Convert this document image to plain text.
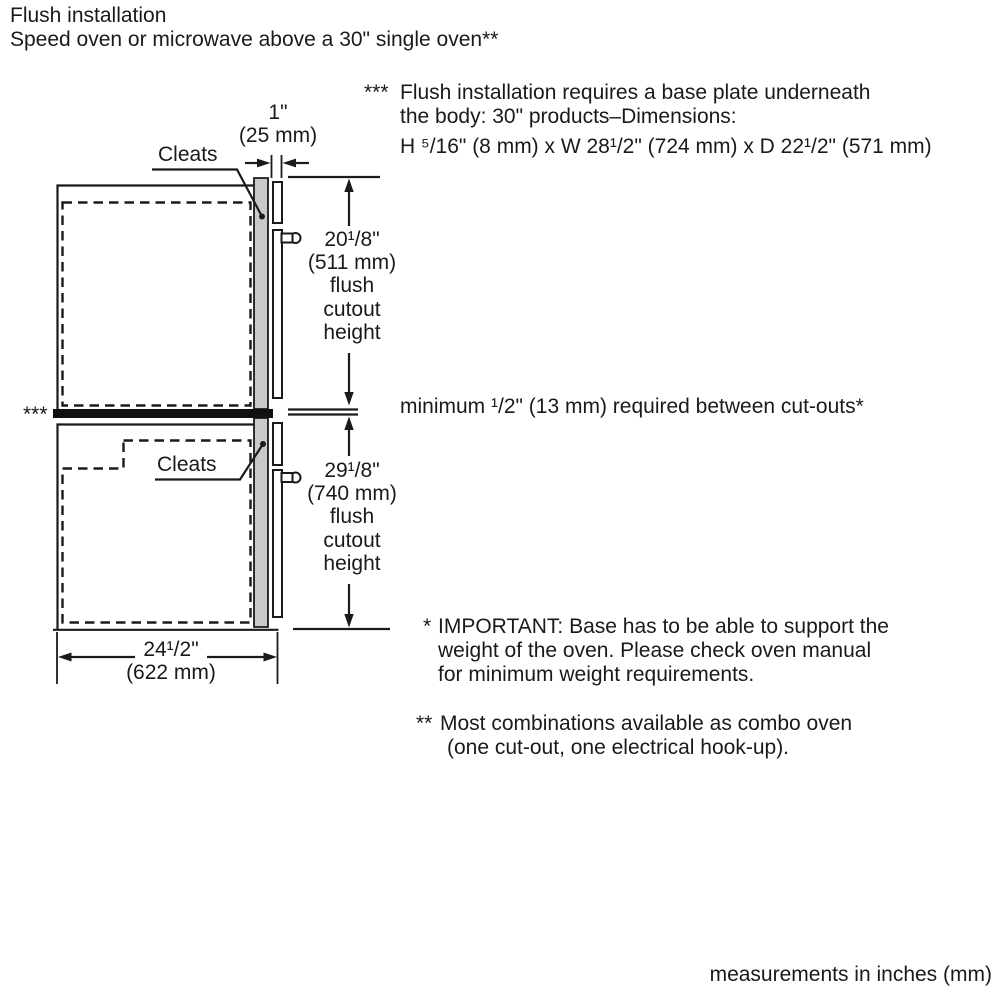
Flush installation
Speed oven or microwave above a 30" single oven**
*** Flush installation requires a base plate underneath
the body: 30" products–Dimensions:
H ⁵/16" (8 mm) x W 28¹/2" (724 mm) x D 22¹/2" (571 mm)
1"
(25 mm)
Cleats
Cleats
20¹/8"
(511 mm)
flush
cutout
height
***	minimum ¹/2" (13 mm) required between cut-outs*
29¹/8"
(740 mm)
flush
cutout
height
24¹/2"
(622 mm)
* IMPORTANT: Base has to be able to support the
weight of the oven. Please check oven manual
for minimum weight requirements.
** Most combinations available as combo oven
(one cut-out, one electrical hook-up).
measurements in inches (mm)
